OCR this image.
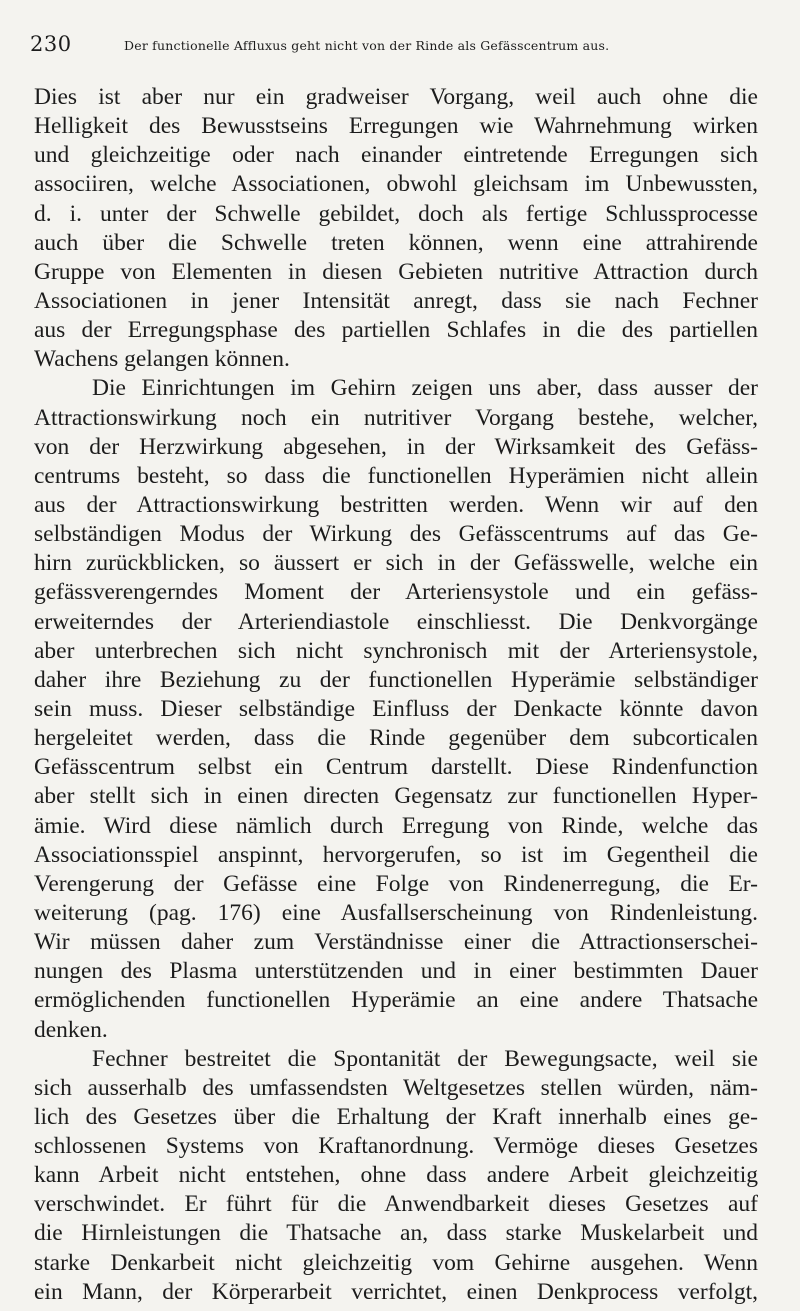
230	Der functionelle Affluxus geht nicht von der Rinde als Gefässcentrum aus.
Dies ist aber nur ein gradweiser Vorgang, weil auch ohne die
Helligkeit des Bewusstseins Erregungen wie Wahrnehmung wirken
und gleichzeitige oder nach einander eintretende Erregungen sich
associiren, welche Associationen, obwohl gleichsam im Unbewussten,
d. i. unter der Schwelle gebildet, doch als fertige Schlussprocesse
auch über die Schwelle treten können, wenn eine attrahirende
Gruppe von Elementen in diesen Gebieten nutritive Attraction durch
Associationen in jener Intensität anregt, dass sie nach Fechner
aus der Erregungsphase des partiellen Schlafes in die des partiellen
Wachens gelangen können.
Die Einrichtungen im Gehirn zeigen uns aber, dass ausser der
Attractionswirkung noch ein nutritiver Vorgang bestehe, welcher,
von der Herzwirkung abgesehen, in der Wirksamkeit des Gefäss-
centrums besteht, so dass die functionellen Hyperämien nicht allein
aus der Attractionswirkung bestritten werden. Wenn wir auf den
selbständigen Modus der Wirkung des Gefässcentrums auf das Ge-
hirn zurückblicken, so äussert er sich in der Gefässwelle, welche ein
gefässverengerndes Moment der Arteriensystole und ein gefäss-
erweiterndes der Arteriendiastole einschliesst. Die Denkvorgänge
aber unterbrechen sich nicht synchronisch mit der Arteriensystole,
daher ihre Beziehung zu der functionellen Hyperämie selbständiger
sein muss. Dieser selbständige Einfluss der Denkacte könnte davon
hergeleitet werden, dass die Rinde gegenüber dem subcorticalen
Gefässcentrum selbst ein Centrum darstellt. Diese Rindenfunction
aber stellt sich in einen directen Gegensatz zur functionellen Hyper-
ämie. Wird diese nämlich durch Erregung von Rinde, welche das
Associationsspiel anspinnt, hervorgerufen, so ist im Gegentheil die
Verengerung der Gefässe eine Folge von Rindenerregung, die Er-
weiterung (pag. 176) eine Ausfallserscheinung von Rindenleistung.
Wir müssen daher zum Verständnisse einer die Attractionserschei-
nungen des Plasma unterstützenden und in einer bestimmten Dauer
ermöglichenden functionellen Hyperämie an eine andere Thatsache
denken.
Fechner bestreitet die Spontanität der Bewegungsacte, weil sie
sich ausserhalb des umfassendsten Weltgesetzes stellen würden, näm-
lich des Gesetzes über die Erhaltung der Kraft innerhalb eines ge-
schlossenen Systems von Kraftanordnung. Vermöge dieses Gesetzes
kann Arbeit nicht entstehen, ohne dass andere Arbeit gleichzeitig
verschwindet. Er führt für die Anwendbarkeit dieses Gesetzes auf
die Hirnleistungen die Thatsache an, dass starke Muskelarbeit und
starke Denkarbeit nicht gleichzeitig vom Gehirne ausgehen. Wenn
ein Mann, der Körperarbeit verrichtet, einen Denkprocess verfolgt,
